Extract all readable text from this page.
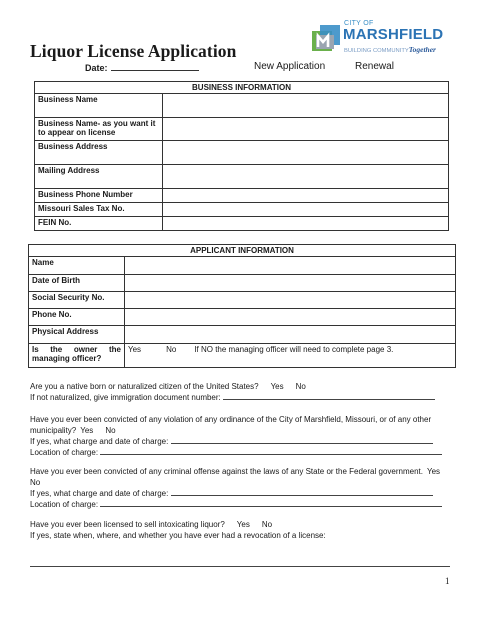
Liquor License Application
Date:	New Application	Renewal
CITY OF
MARSHFIELD
BUILDING COMMUNITYTogether
BUSINESS INFORMATION	
Business Name	
Business Name- as you want it to appear on license	
Business Address	
Mailing Address	
Business Phone Number	
Missouri Sales Tax No.	
FEIN No.	
APPLICANT INFORMATION	
Name	
Date of Birth	
Social Security No.	
Phone No.	
Physical Address	
Is the owner the managing officer?	Yes No If NO the managing officer will need to complete page 3.
Are you a native born or naturalized citizen of the United States? Yes No
If not naturalized, give immigration document number:
Have you ever been convicted of any violation of any ordinance of the City of Marshfield, Missouri, or of any other municipality? Yes No
If yes, what charge and date of charge:
Location of charge:
Have you ever been convicted of any criminal offense against the laws of any State or the Federal government. YesNo
If yes, what charge and date of charge:
Location of charge:
Have you ever been licensed to sell intoxicating liquor? Yes No
If yes, state when, where, and whether you have ever had a revocation of a license:
1
